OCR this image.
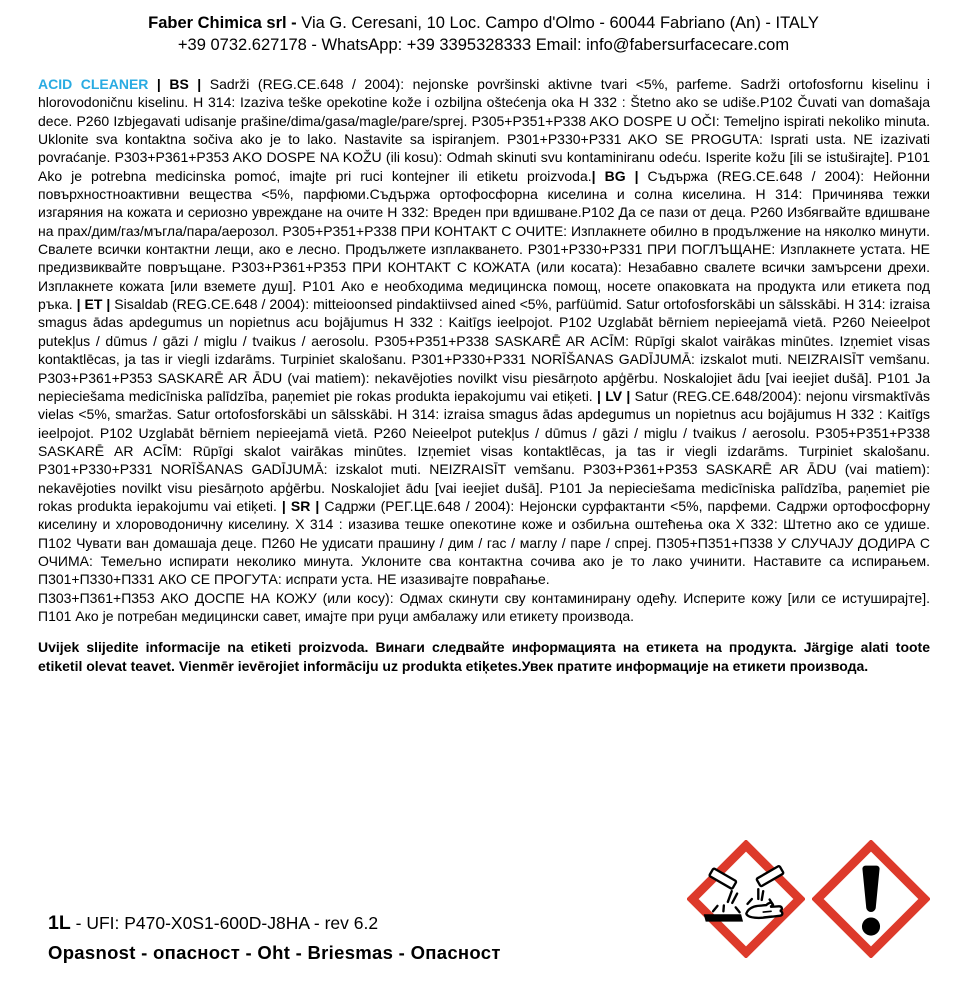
Faber Chimica srl - Via G. Ceresani, 10 Loc. Campo d'Olmo - 60044 Fabriano (An) - ITALY
+39 0732.627178 - WhatsApp: +39 3395328333 Email: info@fabersurfacecare.com

ACID CLEANER | BS | Sadrži (REG.CE.648 / 2004): nejonske površinski aktivne tvari <5%, parfeme. Sadrži ortofosfornu kiselinu i hlorovodoničnu kiselinu. H 314: Izaziva teške opekotine kože i ozbiljna oštećenja oka H 332 : Štetno ako se udiše.P102 Čuvati van domašaja dece. P260 Izbjegavati udisanje prašine/dima/gasa/magle/pare/sprej. P305+P351+P338 AKO DOSPE U OČI: Temeljno ispirati nekoliko minuta. Uklonite sva kontaktna sočiva ako je to lako. Nastavite sa ispiranjem. P301+P330+P331 AKO SE PROGUTA: Isprati usta. NE izazivati povraćanje. P303+P361+P353 AKO DOSPE NA KOŽU (ili kosu): Odmah skinuti svu kontaminiranu odeću. Isperite kožu [ili se istuširajte]. P101 Ako je potrebna medicinska pomoć, imajte pri ruci kontejner ili etiketu proizvoda.| BG | Съдържа (REG.CE.648 / 2004): Нейонни повърхностноактивни вещества <5%, парфюми.Съдържа ортофосфорна киселина и солна киселина. H 314: Причинява тежки изгаряния на кожата и сериозно увреждане на очите H 332: Вреден при вдишване.P102 Да се пази от деца. P260 Избягвайте вдишване на прах/дим/газ/мъгла/пара/аерозол. P305+P351+P338 ПРИ КОНТАКТ С ОЧИТЕ: Изплакнете обилно в продължение на няколко минути. Свалете всички контактни лещи, ако е лесно. Продължете изплакването. P301+P330+P331 ПРИ ПОГЛЪЩАНЕ: Изплакнете устата. НЕ предизвиквайте повръщане. P303+P361+P353 ПРИ КОНТАКТ С КОЖАТА (или косата): Незабавно свалете всички замърсени дрехи. Изплакнете кожата [или вземете душ]. P101 Ако е необходима медицинска помощ, носете опаковката на продукта или етикета под ръка. | ET | Sisaldab (REG.CE.648 / 2004): mitteioonsed pindaktiivsed ained <5%, parfüümid. Satur ortofosforskābi un sālsskābi. H 314: izraisa smagus ādas apdegumus un nopietnus acu bojājumus H 332 : Kaitīgs ieelpojot. P102 Uzglabāt bērniem nepieejamā vietā. P260 Neieelpot putekļus / dūmus / gāzi / miglu / tvaikus / aerosolu. P305+P351+P338 SASKARĒ AR ACĪM: Rūpīgi skalot vairākas minūtes. Izņemiet visas kontaktlēcas, ja tas ir viegli izdarāms. Turpiniet skalošanu. P301+P330+P331 NORĪŠANAS GADĪJUMĀ: izskalot muti. NEIZRAISĪT vemšanu. P303+P361+P353 SASKARĒ AR ĀDU (vai matiem): nekavējoties novilkt visu piesārņoto apģērbu. Noskalojiet ādu [vai ieejiet dušā]. P101 Ja nepieciešama medicīniska palīdzība, paņemiet pie rokas produkta iepakojumu vai etiķeti. | LV | Satur (REG.CE.648/2004): nejonu virsmaktīvās vielas <5%, smaržas. Satur ortofosforskābi un sālsskābi. H 314: izraisa smagus ādas apdegumus un nopietnus acu bojājumus H 332 : Kaitīgs ieelpojot. P102 Uzglabāt bērniem nepieejamā vietā. P260 Neieelpot putekļus / dūmus / gāzi / miglu / tvaikus / aerosolu. P305+P351+P338 SASKARĒ AR ACĪM: Rūpīgi skalot vairākas minūtes. Izņemiet visas kontaktlēcas, ja tas ir viegli izdarāms. Turpiniet skalošanu. P301+P330+P331 NORĪŠANAS GADĪJUMĀ: izskalot muti. NEIZRAISĪT vemšanu. P303+P361+P353 SASKARĒ AR ĀDU (vai matiem): nekavējoties novilkt visu piesārņoto apģērbu. Noskalojiet ādu [vai ieejiet dušā]. P101 Ja nepieciešama medicīniska palīdzība, paņemiet pie rokas produkta iepakojumu vai etiķeti. | SR | Садржи (РЕГ.ЦЕ.648 / 2004): Нејонски сурфактанти <5%, парфеми. Садржи ортофосфорну киселину и хлороводоничну киселину. Х 314 : изазива тешке опекотине коже и озбиљна оштећења ока Х 332: Штетно ако се удише. П102 Чувати ван домашаја деце. П260 Не удисати прашину / дим / гас / маглу / паре / спреј. П305+П351+П338 У СЛУЧАЈУ ДОДИРА С ОЧИМА: Темељно испирати неколико минута. Уклоните сва контактна сочива ако је то лако учинити. Наставите са испирањем. П301+П330+П331 АКО СЕ ПРОГУТА: испрати уста. НЕ изазивајте повраћање.

П303+П361+П353 АКО ДОСПЕ НА КОЖУ (или косу): Одмах скинути сву контаминирану одећу. Исперите кожу [или се истуширајте]. П101 Ако је потребан медицински савет, имајте при руци амбалажу или етикету производа.

Uvijek slijedite informacije na etiketi proizvoda. Винаги следвайте информацията на етикета на продукта. Järgige alati toote etiketil olevat teavet. Vienmēr ievērojiet informāciju uz produkta etiķetes.Увек пратите информације на етикети производа.

1L - UFI: P470-X0S1-600D-J8HA - rev 6.2

Opasnost - опасност - Oht - Briesmas - Опасност
